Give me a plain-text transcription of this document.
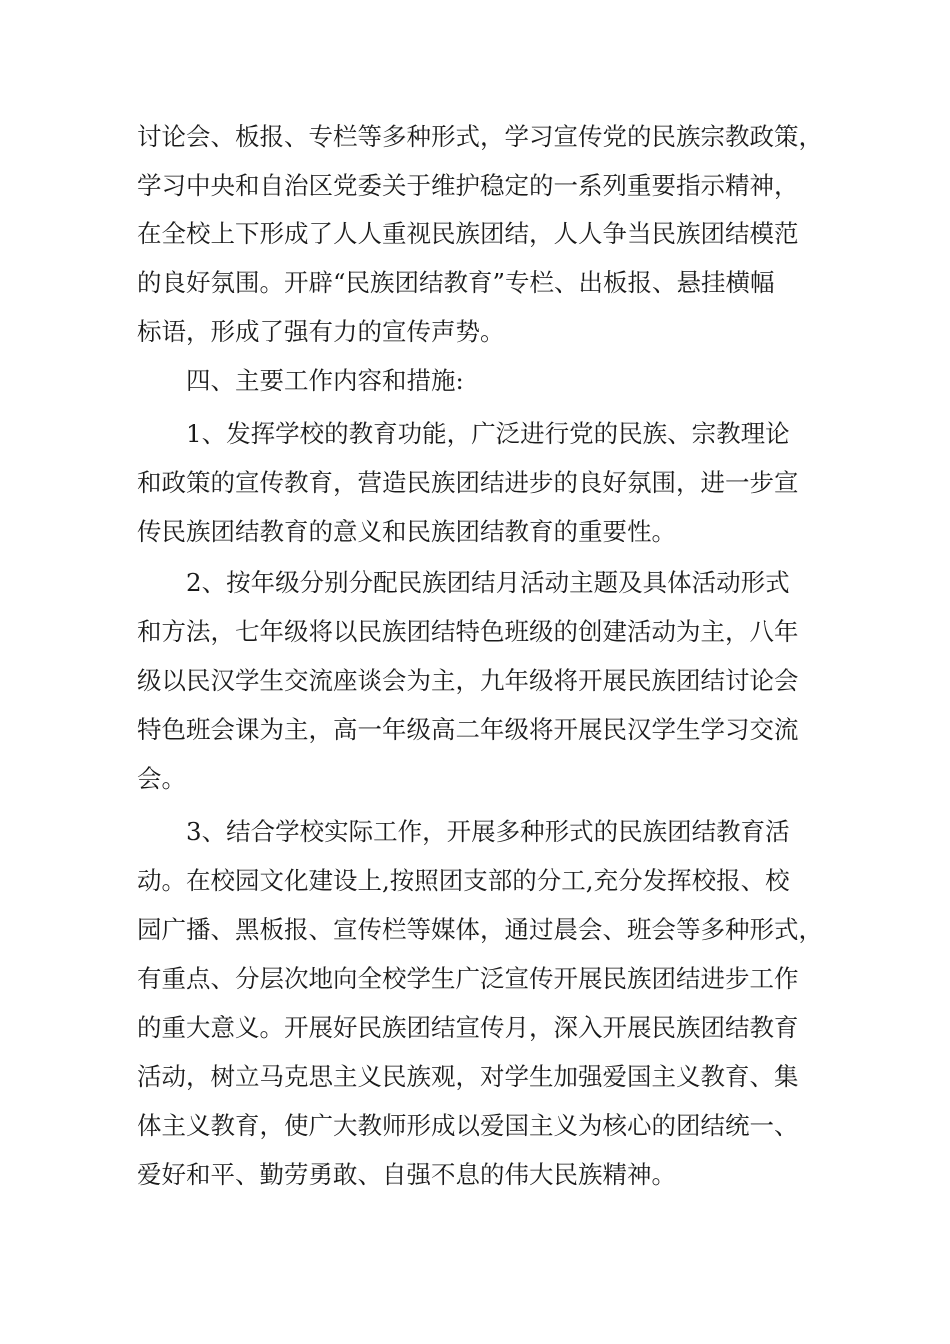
讨论会、板报、专栏等多种形式，学习宣传党的民族宗教政策，
学习中央和自治区党委关于维护稳定的一系列重要指示精神，
在全校上下形成了人人重视民族团结，人人争当民族团结模范
的良好氛围。开辟“民族团结教育”专栏、出板报、悬挂横幅
标语，形成了强有力的宣传声势。
四、主要工作内容和措施:
1、发挥学校的教育功能，广泛进行党的民族、宗教理论
和政策的宣传教育，营造民族团结进步的良好氛围，进一步宣
传民族团结教育的意义和民族团结教育的重要性。
2、按年级分别分配民族团结月活动主题及具体活动形式
和方法，七年级将以民族团结特色班级的创建活动为主，八年
级以民汉学生交流座谈会为主，九年级将开展民族团结讨论会
特色班会课为主，高一年级高二年级将开展民汉学生学习交流
会。
3、结合学校实际工作，开展多种形式的民族团结教育活
动。在校园文化建设上,按照团支部的分工,充分发挥校报、校
园广播、黑板报、宣传栏等媒体，通过晨会、班会等多种形式，
有重点、分层次地向全校学生广泛宣传开展民族团结进步工作
的重大意义。开展好民族团结宣传月，深入开展民族团结教育
活动，树立马克思主义民族观，对学生加强爱国主义教育、集
体主义教育，使广大教师形成以爱国主义为核心的团结统一、
爱好和平、勤劳勇敢、自强不息的伟大民族精神。
